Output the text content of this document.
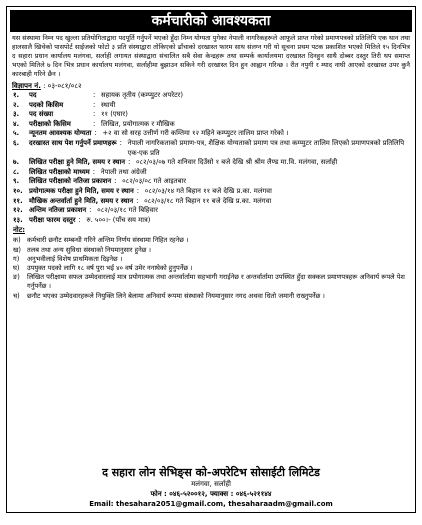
कर्मचारीको आवश्यकता
यस संस्थामा निम्न पद खुल्ला प्रतियोगिताद्वारा पदपूर्ति गर्नुपर्ने भएको हुँदा निम्न योग्यता पुगेका नेपाली नागरिकहरूले आफूले प्राप्त गरेको प्रमाणपत्रको प्रतिलिपि एक थान तथा हालसालै खिचेको पासपोर्ट साईजको फोटो ३ प्रति संस्थाद्वारा तोकिएको ढाँचाको दरखास्त फारम साथ संलग्न गरी यो सूचना प्रथम पटक प्रकाशित भएको मितिले १५ दिनभित्र द सहारा प्रधान कार्यालय मलंगवा, सर्लाही लगायत संस्थाद्वारा संचालित सबै सेवा केन्द्रहरू तथा सम्पर्क कार्यालयमा दरखास्त दिनहुन साथै दोब्बर दस्तुर तिरी थप समाप्त भएको मितिले ७ दिन भित्र प्रधान कार्यालय मलंगवा, सर्लाहीमा बुझाउन सकिने गरी दरखास्त दिन हुन आह्वान गरिन्छ । रीत नपुगी र म्याद नाघी आएको दरखास्त उपर कुनै कारबाही गरिने छैन ।
विज्ञापन नं. : ०३-०८१/०८२
१.	पद	: सहायक तृतीय (कम्प्युटर अपरेटर)
२.	पदको किसिम	: स्थायी
३.	पद संख्या	: ११ (एघार)
४.	परीक्षाको किसिम	: लिखित, प्रयोगात्मक र मौखिक
५.	न्यूनतम आवश्यक योग्यता : +२ वा सो सरह उत्तीर्ण गरी कम्तिमा १२ महिने कम्प्युटर तालिम प्राप्त गरेको ।
६.	दरखास्त साथ पेश गर्नुपर्ने प्रमाणहरू : नेपाली नागरिकताको प्रमाण-पत्र, शैक्षिक योग्यताको प्रमाण पत्र तथा कम्प्युटर तालिम लिएको प्रमाणपत्रको प्रतिलिपि एक-एक प्रति
७.	लिखित परीक्षा हुने मिति, समय र स्थान : ०८२/०३/०७ गते शनिवार दिउँसो १ बजे देखि श्री श्रीम लैण्ड मा.वि. मलंगवा, सर्लाही
८.	लिखित परीक्षाको माध्यम : नेपाली तथा अंग्रेजी
९.	लिखित परीक्षाको नतिजा प्रकाशन : ०८२/०३/०८ गते आइतबार
१०. प्रयोगात्मक परीक्षा हुने मिति, समय र स्थान : ०८२/०३/१४ गते बिहान ११ बजे देखि प्र.का. मलंगवा
११. मौखिक अन्तर्वार्ता हुने मिति, समय र स्थान : ०८२/०३/१८ गते बिहान ११ बजे देखि प्र.का. मलंगवा
१२. अन्तिम नतिजा प्रकाशन : ०८२/०३/१८ गते बिहिवार
१३. परीक्षा फारम दस्तुर : रु. ५००।- (पाँच सय मात्र)
नोट:
क) कर्मचारी छनौट सम्बन्धी गरिने अन्तिम निर्णय संस्थामा निहित रहनेछ ।
ख) तलब तथा अन्य सुविधा संस्थाको नियमानुसार हुनेछ ।
ग)	अनुभवीलाई विशेष प्राथमिकता दिइनेछ ।
घ)	उपयुक्त पदको लागि १८ वर्ष पुरा भई ४० वर्ष उमेर ननाघेको हुनुपर्नेछ ।
ङ)	लिखित परीक्षामा सफल उम्मेदवारलाई मात्र प्रयोगात्मक तथा अन्तर्वार्तामा सहभागी गराईनेछ र अन्तर्वार्तामा उपस्थित हुँदा सक्कल प्रमाणपत्रहरू अनिवार्य रूपले पेश गर्नुपर्नेछ ।
च)	छनौट भएका उम्मेदवारहरूले नियुक्ति लिने बेलामा अनिवार्य रूपमा संस्थाको नियमानुसार नगद अथवा धितो जमानी राख्नुपर्नेछ ।
द सहारा लोन सेभिङ्स को-अपरेटिभ सोसाईटी लिमिटेड
मलंगवा, सर्लाही
फोन : ०४६-५२००१२, फ्याक्स : ०४६-५२११४४
Email: thesahara2051@gmail.com, thesaharaadm@gmail.com
